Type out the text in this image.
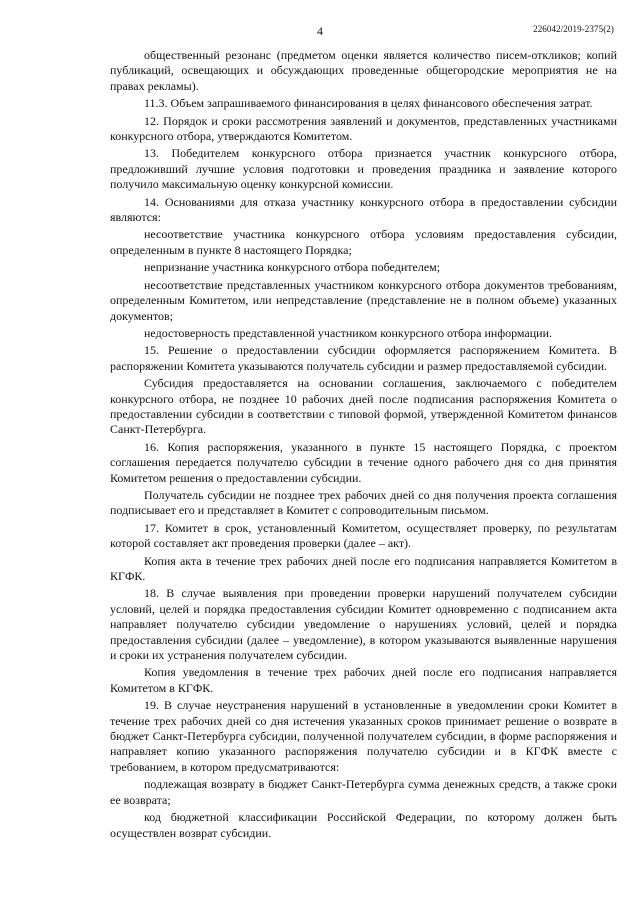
4	226042/2019-2375(2)

общественный резонанс (предметом оценки является количество писем-откликов; копий публикаций, освещающих и обсуждающих проведенные общегородские мероприятия не на правах рекламы).

11.3. Объем запрашиваемого финансирования в целях финансового обеспечения затрат.

12. Порядок и сроки рассмотрения заявлений и документов, представленных участниками конкурсного отбора, утверждаются Комитетом.

13. Победителем конкурсного отбора признается участник конкурсного отбора, предложивший лучшие условия подготовки и проведения праздника и заявление которого получило максимальную оценку конкурсной комиссии.

14. Основаниями для отказа участнику конкурсного отбора в предоставлении субсидии являются:

несоответствие участника конкурсного отбора условиям предоставления субсидии, определенным в пункте 8 настоящего Порядка;

непризнание участника конкурсного отбора победителем;

несоответствие представленных участником конкурсного отбора документов требованиям, определенным Комитетом, или непредставление (представление не в полном объеме) указанных документов;

недостоверность представленной участником конкурсного отбора информации.

15. Решение о предоставлении субсидии оформляется распоряжением Комитета. В распоряжении Комитета указываются получатель субсидии и размер предоставляемой субсидии.

Субсидия предоставляется на основании соглашения, заключаемого с победителем конкурсного отбора, не позднее 10 рабочих дней после подписания распоряжения Комитета о предоставлении субсидии в соответствии с типовой формой, утвержденной Комитетом финансов Санкт-Петербурга.

16. Копия распоряжения, указанного в пункте 15 настоящего Порядка, с проектом соглашения передается получателю субсидии в течение одного рабочего дня со дня принятия Комитетом решения о предоставлении субсидии.

Получатель субсидии не позднее трех рабочих дней со дня получения проекта соглашения подписывает его и представляет в Комитет с сопроводительным письмом.

17. Комитет в срок, установленный Комитетом, осуществляет проверку, по результатам которой составляет акт проведения проверки (далее – акт).

Копия акта в течение трех рабочих дней после его подписания направляется Комитетом в КГФК.

18. В случае выявления при проведении проверки нарушений получателем субсидии условий, целей и порядка предоставления субсидии Комитет одновременно с подписанием акта направляет получателю субсидии уведомление о нарушениях условий, целей и порядка предоставления субсидии (далее – уведомление), в котором указываются выявленные нарушения и сроки их устранения получателем субсидии.

Копия уведомления в течение трех рабочих дней после его подписания направляется Комитетом в КГФК.

19. В случае неустранения нарушений в установленные в уведомлении сроки Комитет в течение трех рабочих дней со дня истечения указанных сроков принимает решение о возврате в бюджет Санкт-Петербурга субсидии, полученной получателем субсидии, в форме распоряжения и направляет копию указанного распоряжения получателю субсидии и в КГФК вместе с требованием, в котором предусматриваются:

подлежащая возврату в бюджет Санкт-Петербурга сумма денежных средств, а также сроки ее возврата;

код бюджетной классификации Российской Федерации, по которому должен быть осуществлен возврат субсидии.
